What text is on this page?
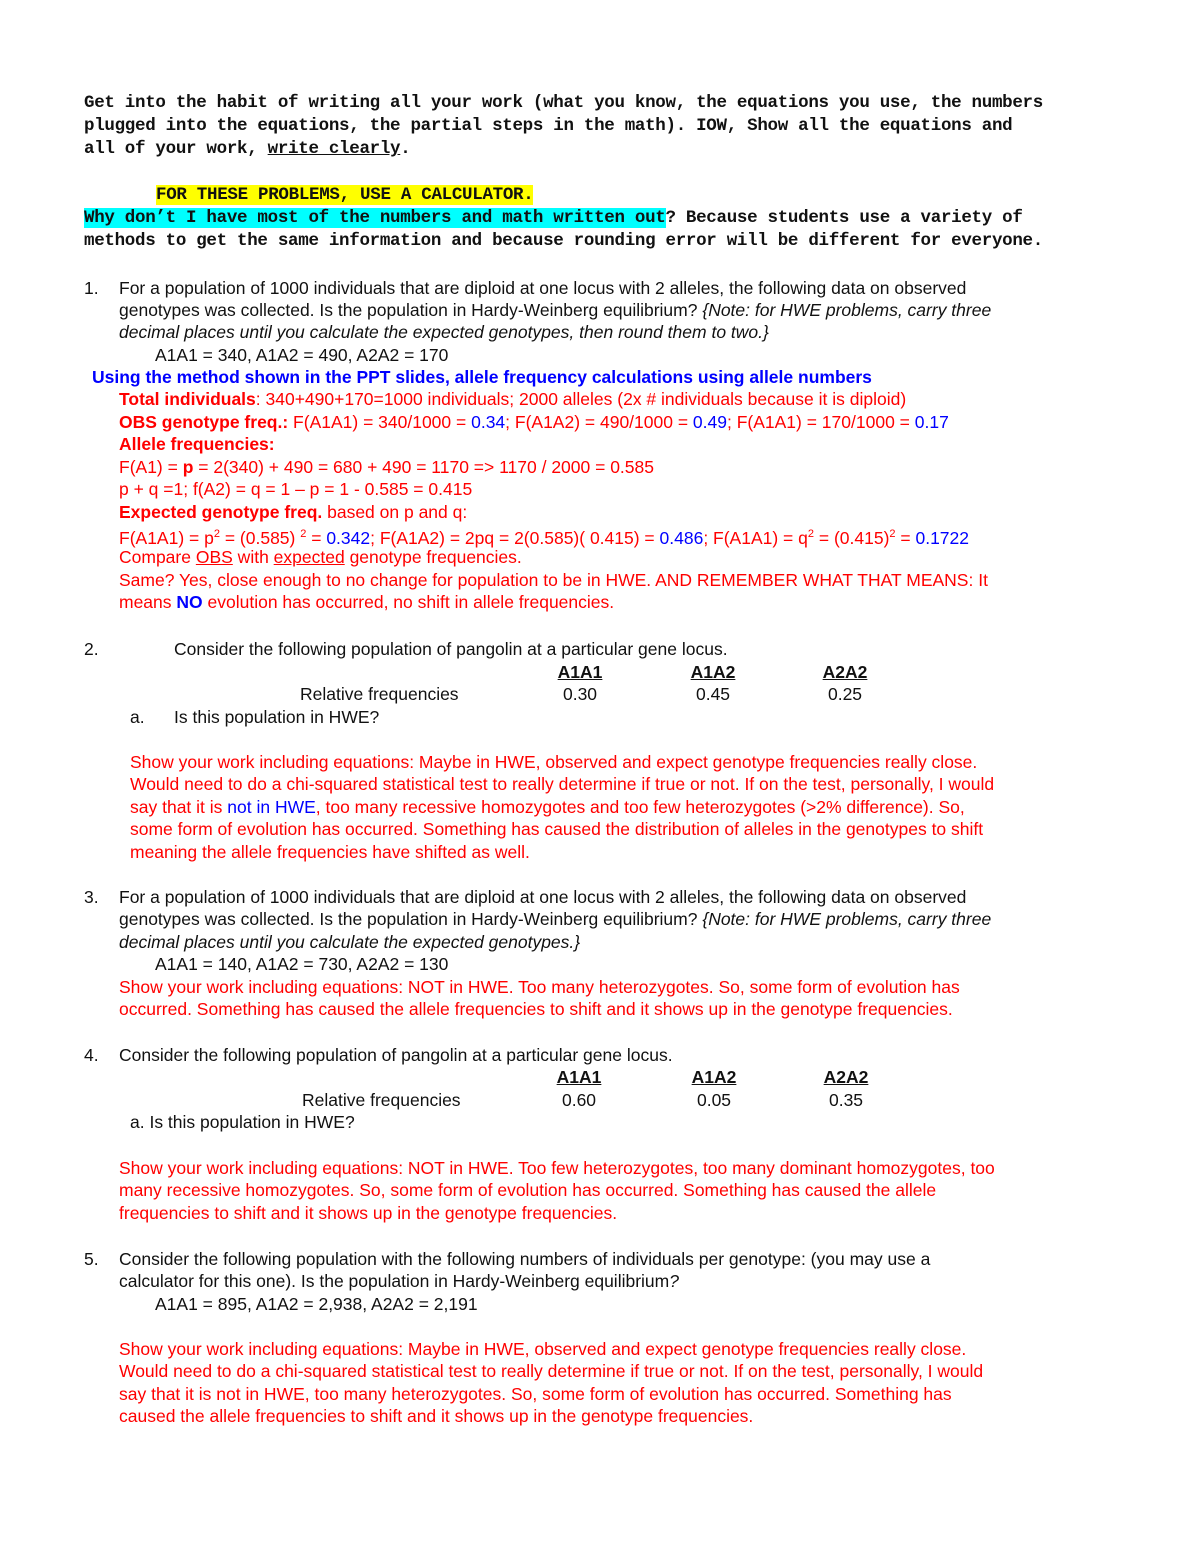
Get into the habit of writing all your work (what you know, the equations you use, the numbers
plugged into the equations, the partial steps in the math). IOW, Show all the equations and
all of your work, write clearly.
FOR THESE PROBLEMS, USE A CALCULATOR.
Why don’t I have most of the numbers and math written out? Because students use a variety of
methods to get the same information and because rounding error will be different for everyone.
1. For a population of 1000 individuals that are diploid at one locus with 2 alleles, the following data on observed
genotypes was collected. Is the population in Hardy-Weinberg equilibrium? {Note: for HWE problems, carry three
decimal places until you calculate the expected genotypes, then round them to two.}
A1A1 = 340, A1A2 = 490, A2A2 = 170
Using the method shown in the PPT slides, allele frequency calculations using allele numbers
Total individuals: 340+490+170=1000 individuals; 2000 alleles (2x # individuals because it is diploid)
OBS genotype freq.: F(A1A1) = 340/1000 = 0.34; F(A1A2) = 490/1000 = 0.49; F(A1A1) = 170/1000 = 0.17
Allele frequencies:
F(A1) = p = 2(340) + 490 = 680 + 490 = 1170 => 1170 / 2000 = 0.585
p + q =1; f(A2) = q = 1 – p = 1 - 0.585 = 0.415
Expected genotype freq. based on p and q:
$F(A1A1) = p^2 = (0.585) ^2 = 0.342$; F(A1A2) = 2pq = 2(0.585)( 0.415) = 0.486; $F(A1A1) = q^2 = (0.415)^2 = 0.1722$
Compare OBS with expected genotype frequencies.
Same? Yes, close enough to no change for population to be in HWE. AND REMEMBER WHAT THAT MEANS: It
means NO evolution has occurred, no shift in allele frequencies.
2.	Consider the following population of pangolin at a particular gene locus.
A1A1	A1A2	A2A2
Relative frequencies	0.30	0.45	0.25
a. Is this population in HWE?
Show your work including equations: Maybe in HWE, observed and expect genotype frequencies really close.
Would need to do a chi-squared statistical test to really determine if true or not. If on the test, personally, I would
say that it is not in HWE, too many recessive homozygotes and too few heterozygotes (>2% difference). So,
some form of evolution has occurred. Something has caused the distribution of alleles in the genotypes to shift
meaning the allele frequencies have shifted as well.
3. For a population of 1000 individuals that are diploid at one locus with 2 alleles, the following data on observed
genotypes was collected. Is the population in Hardy-Weinberg equilibrium? {Note: for HWE problems, carry three
decimal places until you calculate the expected genotypes.}
A1A1 = 140, A1A2 = 730, A2A2 = 130
Show your work including equations: NOT in HWE. Too many heterozygotes. So, some form of evolution has
occurred. Something has caused the allele frequencies to shift and it shows up in the genotype frequencies.
4. Consider the following population of pangolin at a particular gene locus.
A1A1	A1A2	A2A2
Relative frequencies	0.60	0.05	0.35
a. Is this population in HWE?
Show your work including equations: NOT in HWE. Too few heterozygotes, too many dominant homozygotes, too
many recessive homozygotes. So, some form of evolution has occurred. Something has caused the allele
frequencies to shift and it shows up in the genotype frequencies.
5. Consider the following population with the following numbers of individuals per genotype: (you may use a
calculator for this one). Is the population in Hardy-Weinberg equilibrium?
A1A1 = 895, A1A2 = 2,938, A2A2 = 2,191
Show your work including equations: Maybe in HWE, observed and expect genotype frequencies really close.
Would need to do a chi-squared statistical test to really determine if true or not. If on the test, personally, I would
say that it is not in HWE, too many heterozygotes. So, some form of evolution has occurred. Something has
caused the allele frequencies to shift and it shows up in the genotype frequencies.
